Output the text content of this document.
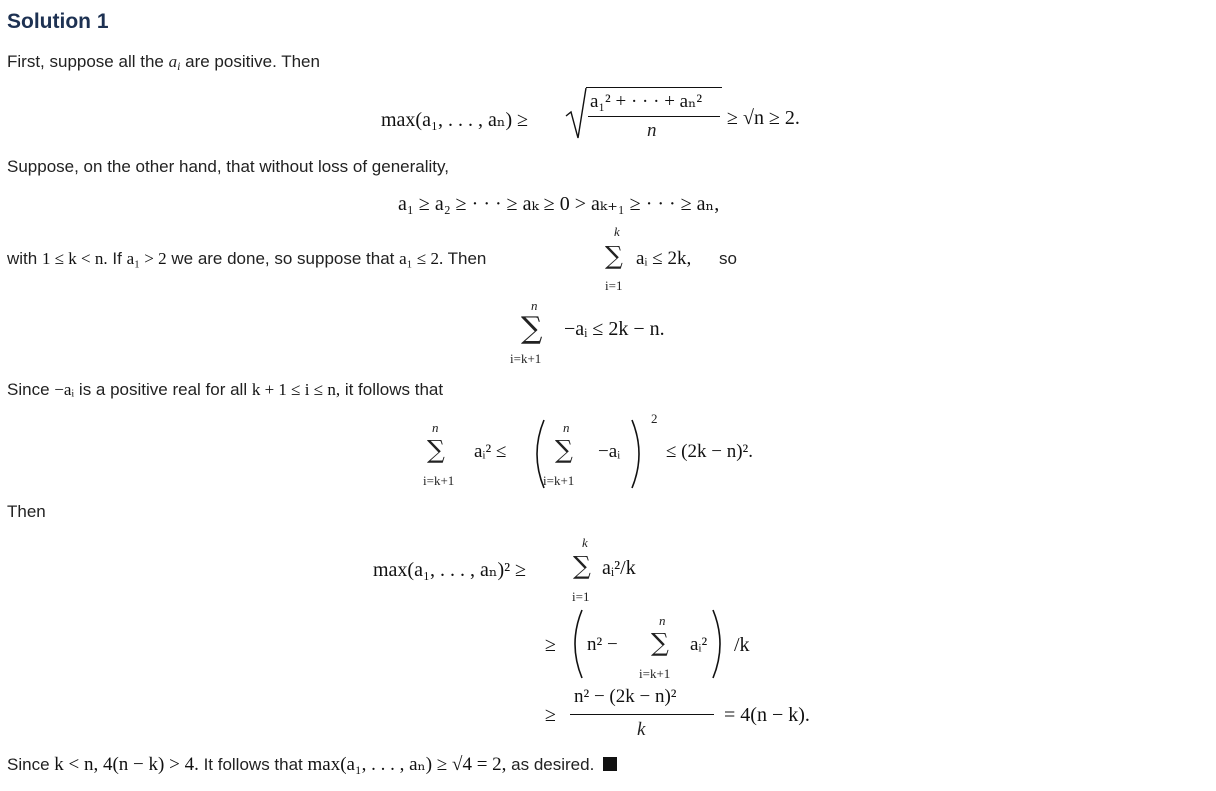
Solution 1
First, suppose all the $a_i$ are positive. Then
max(a₁, . . . , aₙ) ≥
a₁² + · · · + aₙ²
n
≥ √n ≥ 2.
Suppose, on the other hand, that without loss of generality,
a₁ ≥ a₂ ≥ · · · ≥ aₖ ≥ 0 > aₖ₊₁ ≥ · · · ≥ aₙ,
with 1 ≤ k < n. If a₁ > 2 we are done, so suppose that a₁ ≤ 2. Then
k
∑
i=1
aᵢ ≤ 2k, so
n
∑
i=k+1
−aᵢ ≤ 2k − n.
Since −aᵢ is a positive real for all k + 1 ≤ i ≤ n, it follows that
n
∑
i=k+1
aᵢ² ≤
n
∑
i=k+1
−aᵢ
2
≤ (2k − n)².
Then
max(a₁, . . . , aₙ)² ≥
k
∑
i=1
aᵢ²/k
≥ n² −
n
∑
i=k+1
aᵢ² /k
≥
n² − (2k − n)²
k
= 4(n − k).
Since k < n, 4(n − k) > 4. It follows that max(a₁, . . . , aₙ) ≥ √4 = 2, as desired.
